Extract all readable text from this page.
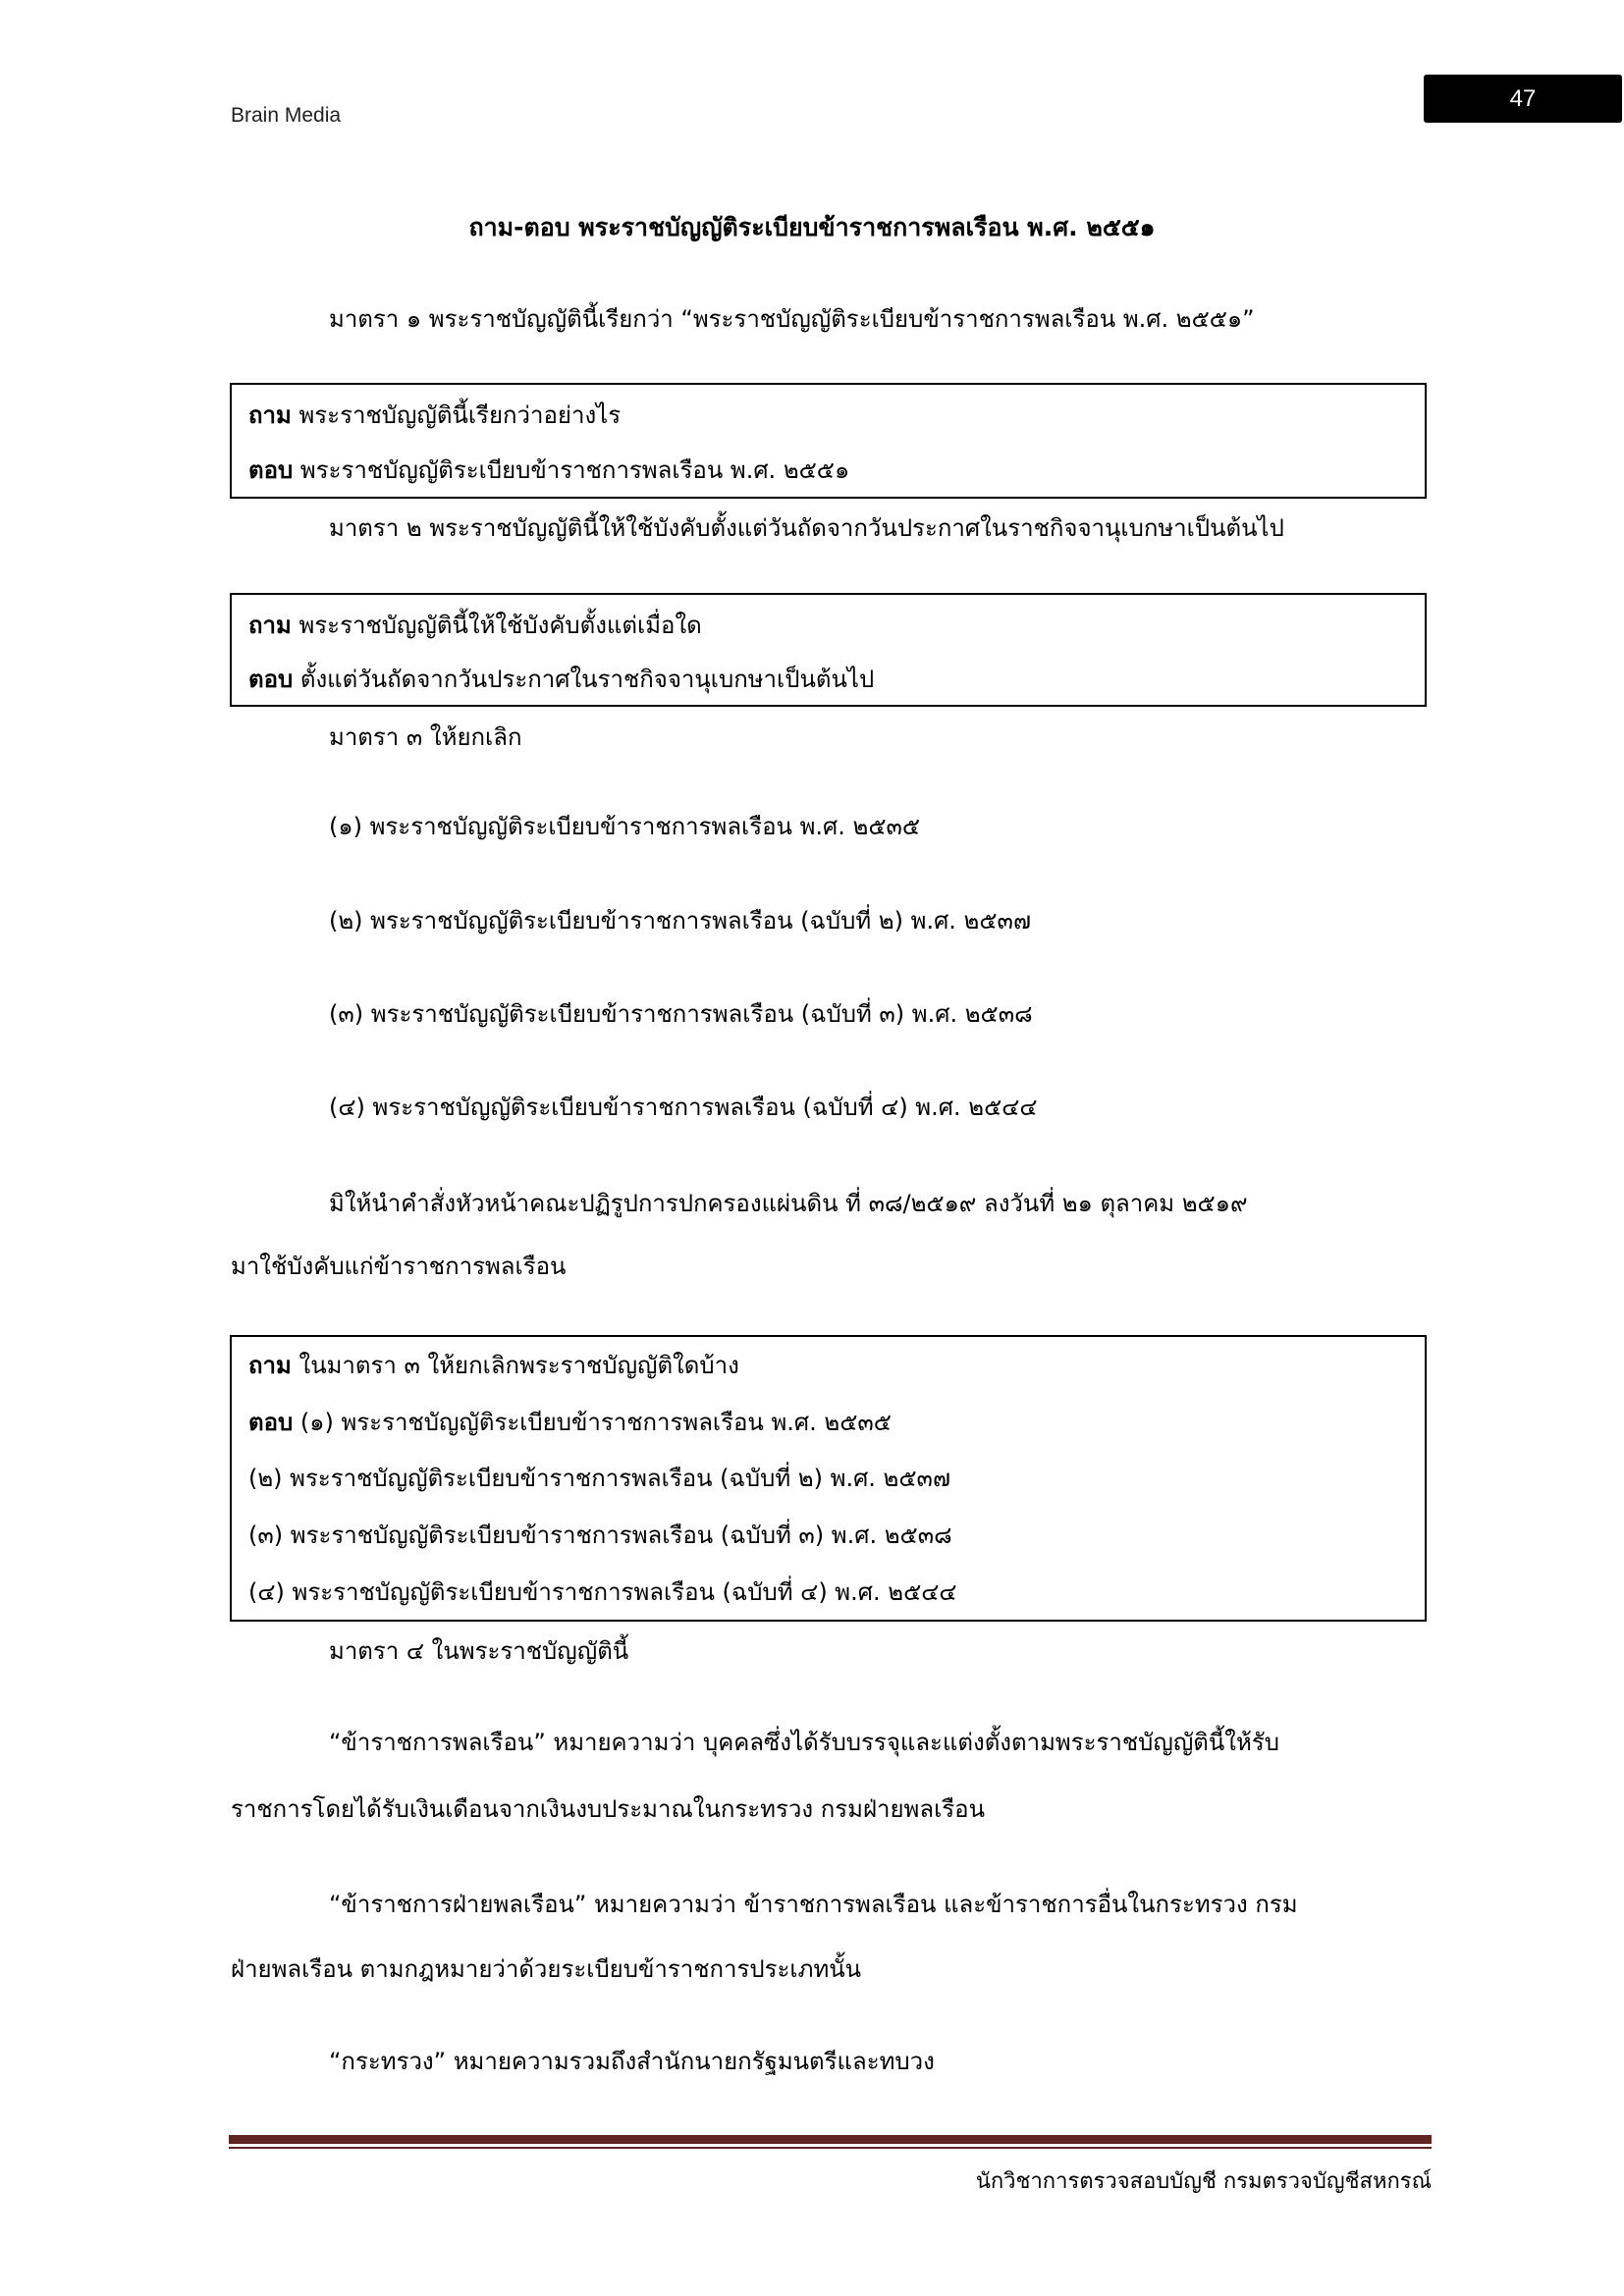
Brain Media
47
ถาม-ตอบ พระราชบัญญัติระเบียบข้าราชการพลเรือน พ.ศ. ๒๕๕๑
มาตรา ๑ พระราชบัญญัตินี้เรียกว่า “พระราชบัญญัติระเบียบข้าราชการพลเรือน พ.ศ. ๒๕๕๑”
ถาม พระราชบัญญัตินี้เรียกว่าอย่างไร
ตอบ พระราชบัญญัติระเบียบข้าราชการพลเรือน พ.ศ. ๒๕๕๑
มาตรา ๒ พระราชบัญญัตินี้ให้ใช้บังคับตั้งแต่วันถัดจากวันประกาศในราชกิจจานุเบกษาเป็นต้นไป
ถาม พระราชบัญญัตินี้ให้ใช้บังคับตั้งแต่เมื่อใด
ตอบ ตั้งแต่วันถัดจากวันประกาศในราชกิจจานุเบกษาเป็นต้นไป
มาตรา ๓ ให้ยกเลิก
(๑) พระราชบัญญัติระเบียบข้าราชการพลเรือน พ.ศ. ๒๕๓๕
(๒) พระราชบัญญัติระเบียบข้าราชการพลเรือน (ฉบับที่ ๒) พ.ศ. ๒๕๓๗
(๓) พระราชบัญญัติระเบียบข้าราชการพลเรือน (ฉบับที่ ๓) พ.ศ. ๒๕๓๘
(๔) พระราชบัญญัติระเบียบข้าราชการพลเรือน (ฉบับที่ ๔) พ.ศ. ๒๕๔๔
มิให้นำคำสั่งหัวหน้าคณะปฏิรูปการปกครองแผ่นดิน ที่ ๓๘/๒๕๑๙ ลงวันที่ ๒๑ ตุลาคม ๒๕๑๙
มาใช้บังคับแก่ข้าราชการพลเรือน
ถาม ในมาตรา ๓ ให้ยกเลิกพระราชบัญญัติใดบ้าง
ตอบ (๑) พระราชบัญญัติระเบียบข้าราชการพลเรือน พ.ศ. ๒๕๓๕
(๒) พระราชบัญญัติระเบียบข้าราชการพลเรือน (ฉบับที่ ๒) พ.ศ. ๒๕๓๗
(๓) พระราชบัญญัติระเบียบข้าราชการพลเรือน (ฉบับที่ ๓) พ.ศ. ๒๕๓๘
(๔) พระราชบัญญัติระเบียบข้าราชการพลเรือน (ฉบับที่ ๔) พ.ศ. ๒๕๔๔
มาตรา ๔ ในพระราชบัญญัตินี้
“ข้าราชการพลเรือน” หมายความว่า บุคคลซึ่งได้รับบรรจุและแต่งตั้งตามพระราชบัญญัตินี้ให้รับ
ราชการโดยได้รับเงินเดือนจากเงินงบประมาณในกระทรวง กรมฝ่ายพลเรือน
“ข้าราชการฝ่ายพลเรือน” หมายความว่า ข้าราชการพลเรือน และข้าราชการอื่นในกระทรวง กรม
ฝ่ายพลเรือน ตามกฎหมายว่าด้วยระเบียบข้าราชการประเภทนั้น
“กระทรวง” หมายความรวมถึงสำนักนายกรัฐมนตรีและทบวง
นักวิชาการตรวจสอบบัญชี กรมตรวจบัญชีสหกรณ์
